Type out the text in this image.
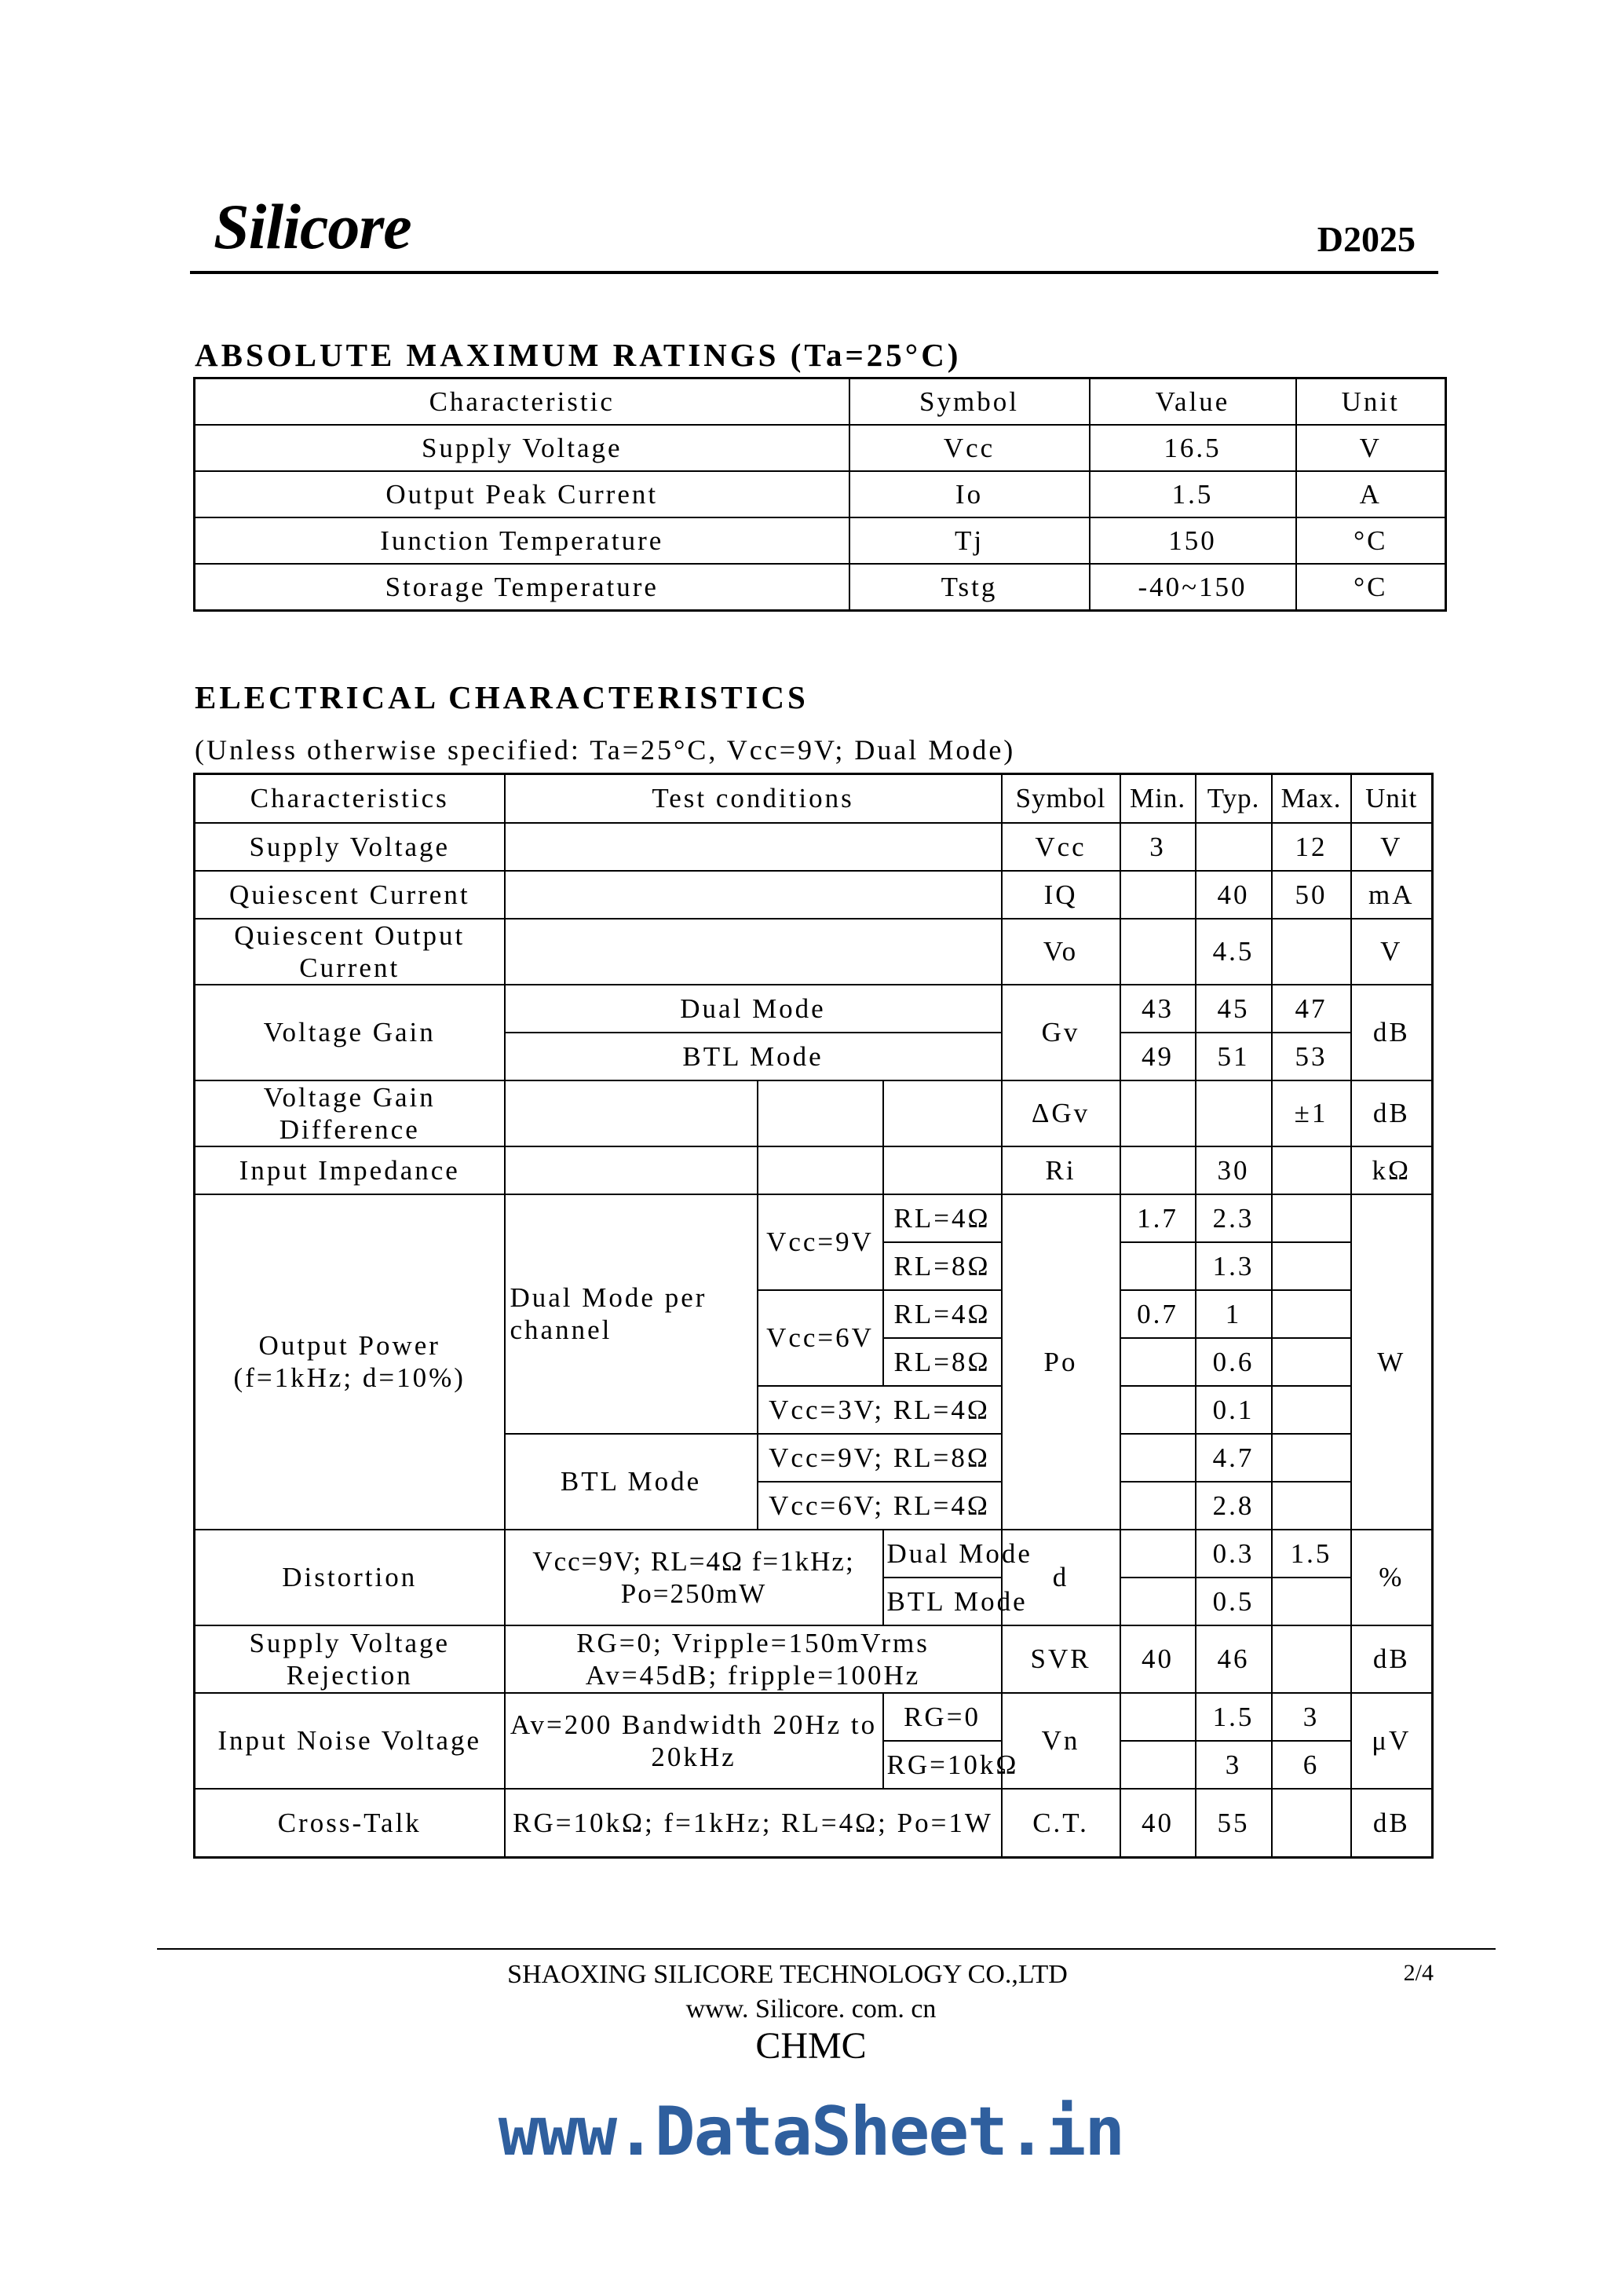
Silicore	D2025
ABSOLUTE MAXIMUM RATINGS (Ta=25°C)
Characteristic	Symbol	Value	Unit
Supply Voltage	Vcc	16.5	V
Output Peak Current	Io	1.5	A
Iunction Temperature	Tj	150	°C
Storage Temperature	Tstg	-40~150	°C
ELECTRICAL CHARACTERISTICS
(Unless otherwise specified: Ta=25°C, Vcc=9V; Dual Mode)
Characteristics	Test conditions			Symbol	Min.	Typ.	Max.	Unit
Supply Voltage				Vcc	3		12	V
Quiescent Current				IQ		40	50	mA
Quiescent Output Current				Vo		4.5		V
Voltage Gain	Dual Mode			Gv	43	45	47	dB
	BTL Mode				49	51	53	
Voltage Gain Difference				ΔGv			±1	dB
Input Impedance				Ri		30		kΩ
Output Power (f=1kHz; d=10%)	Dual Mode per channel	Vcc=9V	RL=4Ω	Po	1.7	2.3		W
			RL=8Ω			1.3		
		Vcc=6V	RL=4Ω		0.7	1		
			RL=8Ω			0.6		
		Vcc=3V; RL=4Ω				0.1		
	BTL Mode	Vcc=9V; RL=8Ω				4.7		
		Vcc=6V; RL=4Ω				2.8		
Distortion	Vcc=9V; RL=4Ω f=1kHz; Po=250mW		Dual Mode	d		0.3	1.5	%
			BTL Mode			0.5		
Supply Voltage Rejection	RG=0; Vripple=150mVrms Av=45dB; fripple=100Hz			SVR	40	46		dB
Input Noise Voltage	Av=200 Bandwidth 20Hz to 20kHz		RG=0	Vn		1.5	3	μV
			RG=10kΩ			3	6	
Cross-Talk	RG=10kΩ; f=1kHz; RL=4Ω; Po=1W			C.T.	40	55		dB
SHAOXING SILICORE TECHNOLOGY CO.,LTD	2/4
www. Silicore. com. cn
CHMC
www.DataSheet.in
